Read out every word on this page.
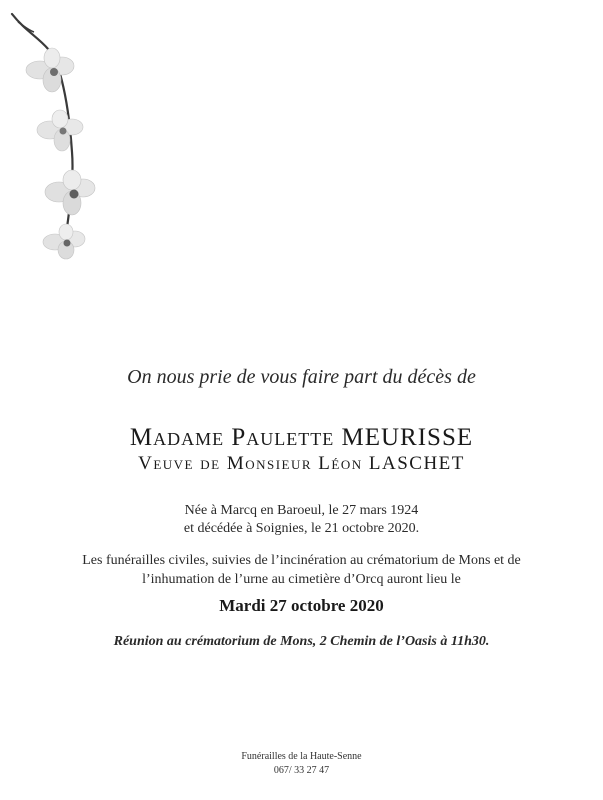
On nous prie de vous faire part du décès de
Madame Paulette MEURISSE
Veuve de Monsieur Léon LASCHET
Née à Marcq en Baroeul, le 27 mars 1924
et décédée à Soignies, le 21 octobre 2020.
Les funérailles civiles, suivies de l’incinération au crématorium de Mons et de
l’inhumation de l’urne au cimetière d’Orcq auront lieu le
Mardi 27 octobre 2020
Réunion au crématorium de Mons, 2 Chemin de l’Oasis à 11h30.
Funérailles de la Haute-Senne
067/ 33 27 47
